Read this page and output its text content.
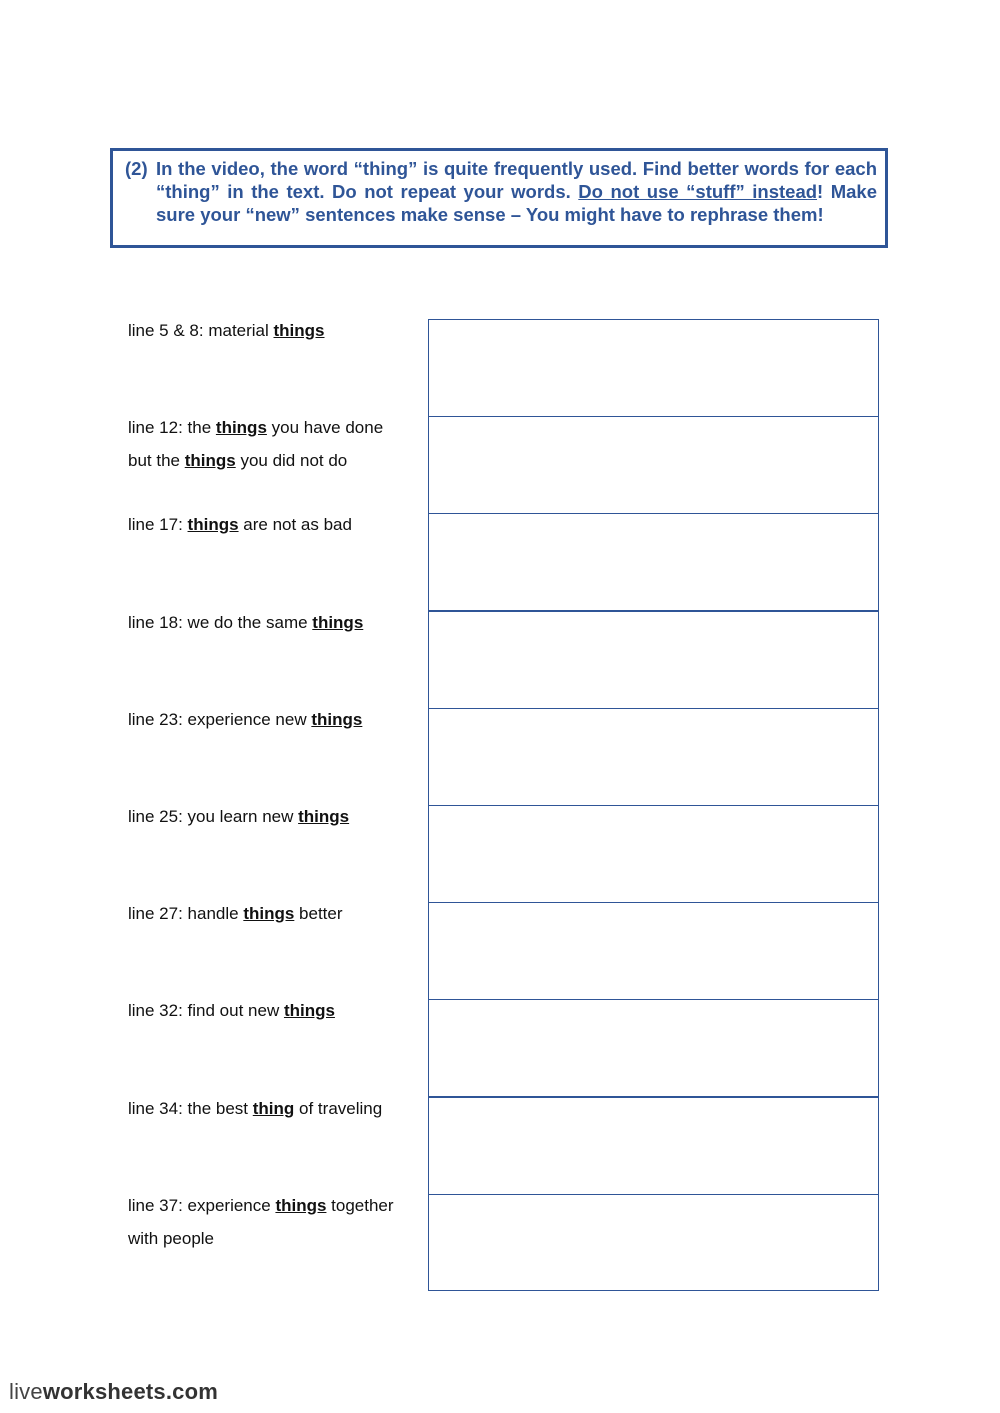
(2) In the video, the word “thing” is quite frequently used. Find better words for each “thing” in the text. Do not repeat your words. Do not use “stuff” instead! Make sure your “new” sentences make sense – You might have to rephrase them!
line 5 & 8: material things
line 12: the things you have done
but the things you did not do
line 17: things are not as bad
line 18: we do the same things
line 23: experience new things
line 25: you learn new things
line 27: handle things better
line 32: find out new things
line 34: the best thing of traveling
line 37: experience things together
with people
liveworksheets.com
